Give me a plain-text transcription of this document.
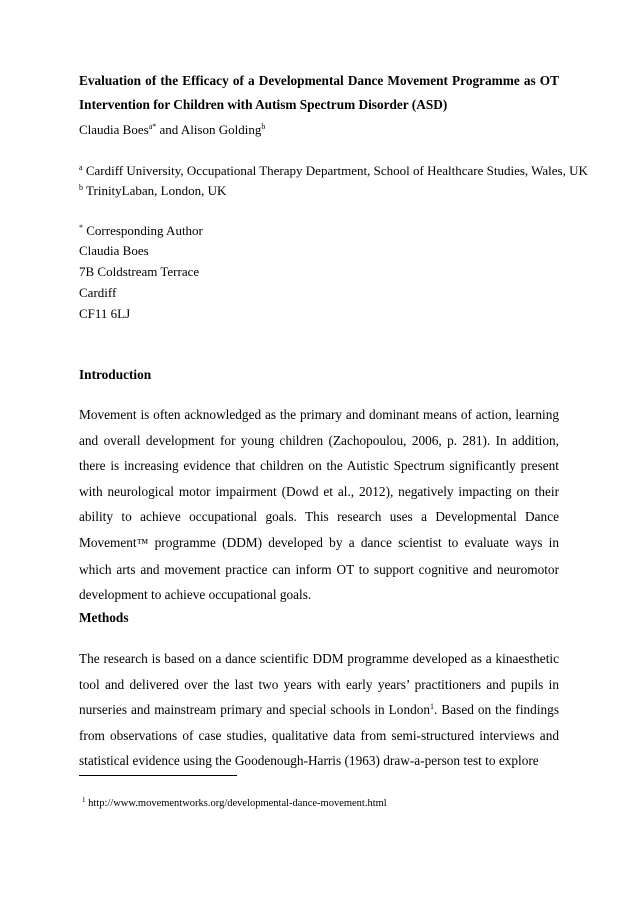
Evaluation of the Efficacy of a Developmental Dance Movement Programme as OT Intervention for Children with Autism Spectrum Disorder (ASD)
Claudia Boes$^{a*}$ and Alison Golding$^b$
$^a$ Cardiff University, Occupational Therapy Department, School of Healthcare Studies, Wales, UK
$^b$ TrinityLaban, London, UK
* Corresponding Author
Claudia Boes
7B Coldstream Terrace
Cardiff
CF11 6LJ
Introduction
Movement is often acknowledged as the primary and dominant means of action, learning and overall development for young children (Zachopoulou, 2006, p. 281). In addition, there is increasing evidence that children on the Autistic Spectrum significantly present with neurological motor impairment (Dowd et al., 2012), negatively impacting on their ability to achieve occupational goals. This research uses a Developmental Dance Movement™ programme (DDM) developed by a dance scientist to evaluate ways in which arts and movement practice can inform OT to support cognitive and neuromotor development to achieve occupational goals.
Methods
The research is based on a dance scientific DDM programme developed as a kinaesthetic tool and delivered over the last two years with early years’ practitioners and pupils in nurseries and mainstream primary and special schools in London$^1$. Based on the findings from observations of case studies, qualitative data from semi-structured interviews and statistical evidence using the Goodenough-Harris (1963) draw-a-person test to explore
$^1$ http://www.movementworks.org/developmental-dance-movement.html
